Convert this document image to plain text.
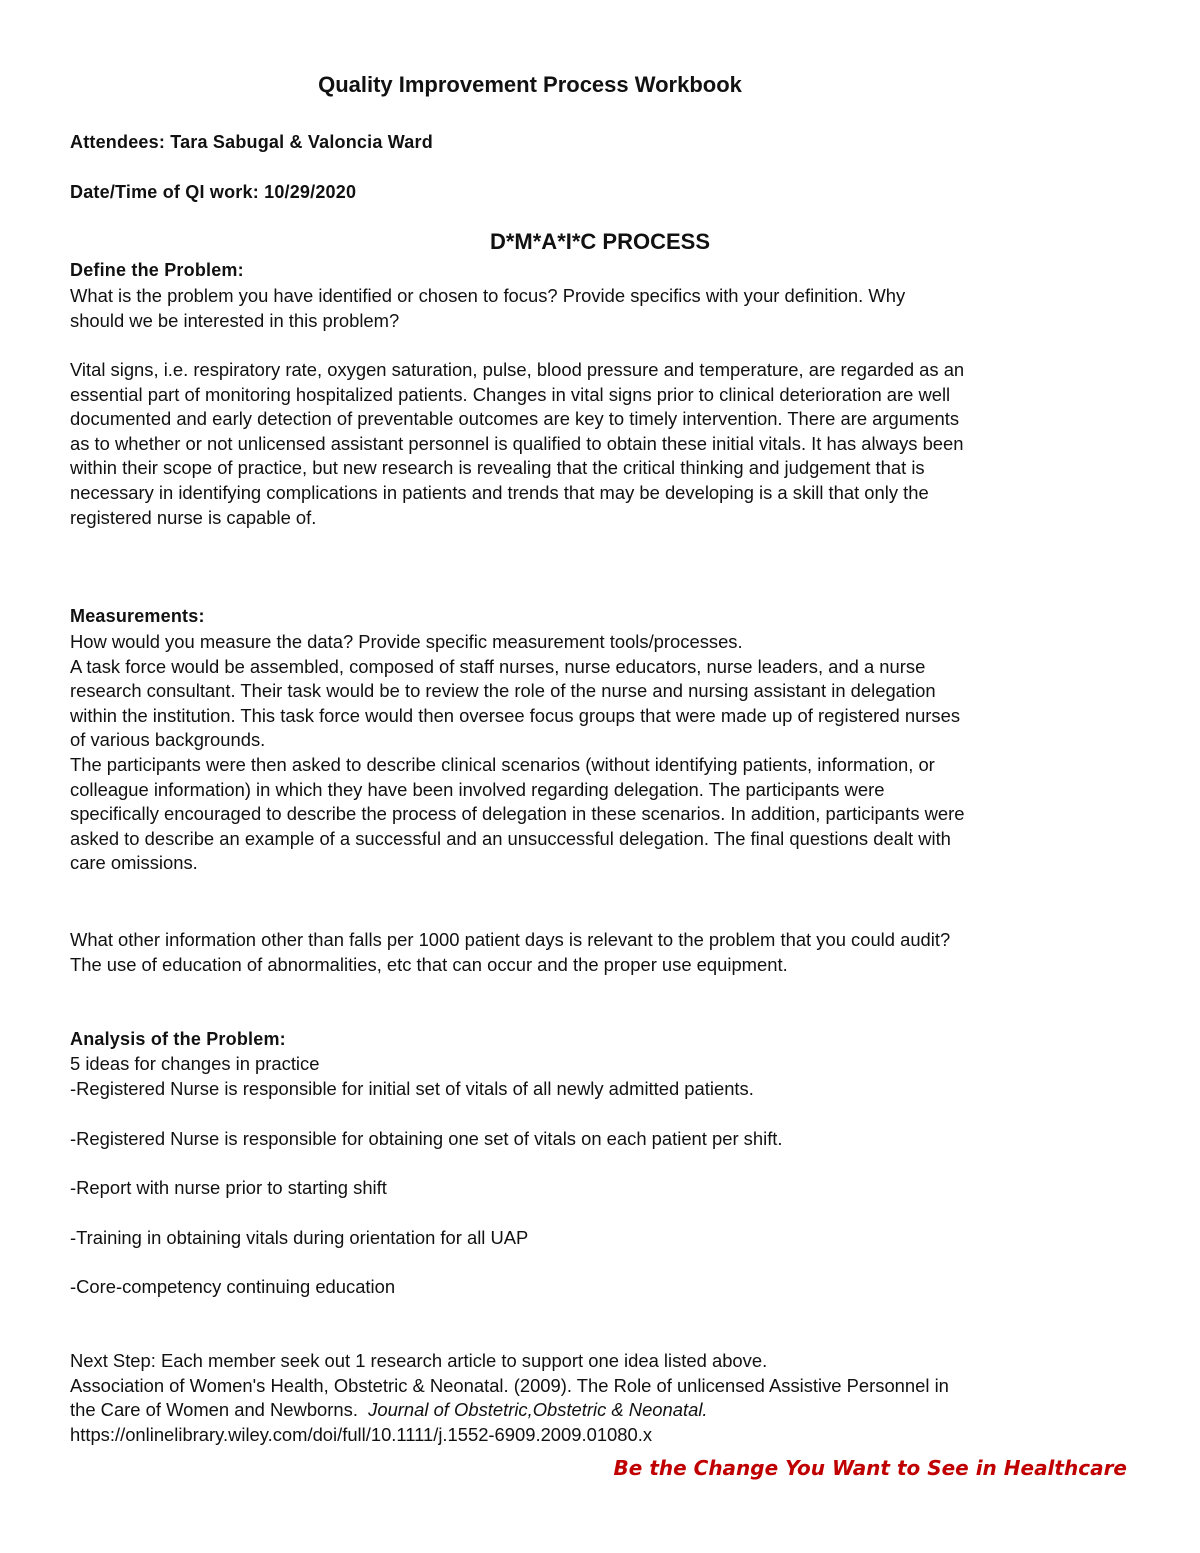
Quality Improvement Process Workbook
Attendees: Tara Sabugal & Valoncia Ward
Date/Time of QI work: 10/29/2020
D*M*A*I*C PROCESS
Define the Problem:
What is the problem you have identified or chosen to focus? Provide specifics with your definition. Why
should we be interested in this problem?
Vital signs, i.e. respiratory rate, oxygen saturation, pulse, blood pressure and temperature, are regarded as an
essential part of monitoring hospitalized patients. Changes in vital signs prior to clinical deterioration are well
documented and early detection of preventable outcomes are key to timely intervention. There are arguments
as to whether or not unlicensed assistant personnel is qualified to obtain these initial vitals. It has always been
within their scope of practice, but new research is revealing that the critical thinking and judgement that is
necessary in identifying complications in patients and trends that may be developing is a skill that only the
registered nurse is capable of.
Measurements:
How would you measure the data? Provide specific measurement tools/processes.
A task force would be assembled, composed of staff nurses, nurse educators, nurse leaders, and a nurse
research consultant. Their task would be to review the role of the nurse and nursing assistant in delegation
within the institution. This task force would then oversee focus groups that were made up of registered nurses
of various backgrounds.
The participants were then asked to describe clinical scenarios (without identifying patients, information, or
colleague information) in which they have been involved regarding delegation. The participants were
specifically encouraged to describe the process of delegation in these scenarios. In addition, participants were
asked to describe an example of a successful and an unsuccessful delegation. The final questions dealt with
care omissions.
What other information other than falls per 1000 patient days is relevant to the problem that you could audit?
The use of education of abnormalities, etc that can occur and the proper use equipment.
Analysis of the Problem:
5 ideas for changes in practice
-Registered Nurse is responsible for initial set of vitals of all newly admitted patients.
-Registered Nurse is responsible for obtaining one set of vitals on each patient per shift.
-Report with nurse prior to starting shift
-Training in obtaining vitals during orientation for all UAP
-Core-competency continuing education
Next Step: Each member seek out 1 research article to support one idea listed above.
Association of Women's Health, Obstetric & Neonatal. (2009). The Role of unlicensed Assistive Personnel in
the Care of Women and Newborns.  Journal of Obstetric,Obstetric & Neonatal.
https://onlinelibrary.wiley.com/doi/full/10.1111/j.1552-6909.2009.01080.x
Be the Change You Want to See in Healthcare
